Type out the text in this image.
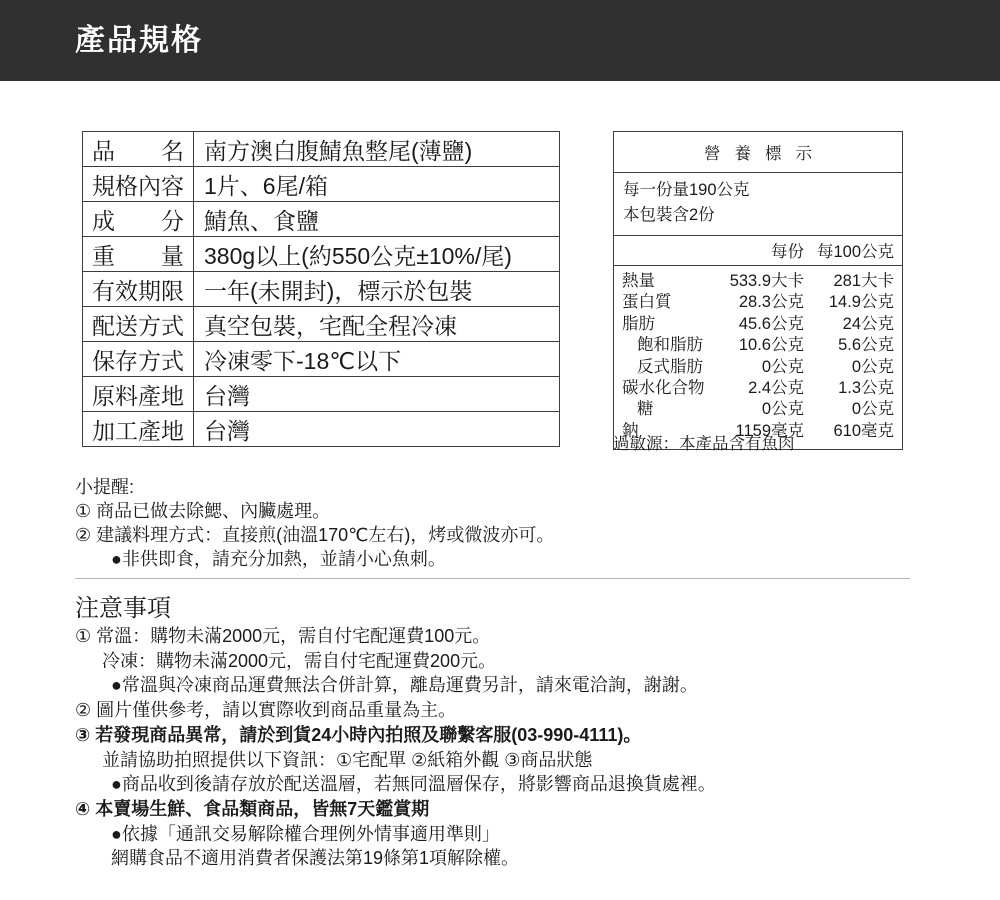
產品規格
品名	南方澳白腹鯖魚整尾(薄鹽)
規格內容	1片、6尾/箱
成分	鯖魚、食鹽
重量	380g以上(約550公克±10%/尾)
有效期限	一年(未開封)，標示於包裝
配送方式	真空包裝，宅配全程冷凍
保存方式	冷凍零下-18℃以下
原料產地	台灣
加工產地	台灣
營養標示
每一份量190公克
本包裝含2份
每份 每100公克
熱量	533.9大卡	281大卡
蛋白質	28.3公克	14.9公克
脂肪	45.6公克	24公克
飽和脂肪	10.6公克	5.6公克
反式脂肪	0公克	0公克
碳水化合物	2.4公克	1.3公克
糖	0公克	0公克
鈉	1159毫克	610毫克
過敏源：本產品含有魚肉
小提醒:
① 商品已做去除鰓、內臟處理。
② 建議料理方式：直接煎(油溫170℃左右)，烤或微波亦可。
●非供即食，請充分加熱，並請小心魚刺。
注意事項
① 常溫：購物未滿2000元，需自付宅配運費100元。
冷凍：購物未滿2000元，需自付宅配運費200元。
●常溫與冷凍商品運費無法合併計算，離島運費另計，請來電洽詢，謝謝。
② 圖片僅供參考，請以實際收到商品重量為主。
③ 若發現商品異常，請於到貨24小時內拍照及聯繫客服(03-990-4111)。
並請協助拍照提供以下資訊：①宅配單 ②紙箱外觀 ③商品狀態
●商品收到後請存放於配送溫層，若無同溫層保存，將影響商品退換貨處裡。
④ 本賣場生鮮、食品類商品，皆無7天鑑賞期
●依據「通訊交易解除權合理例外情事適用準則」
網購食品不適用消費者保護法第19條第1項解除權。
